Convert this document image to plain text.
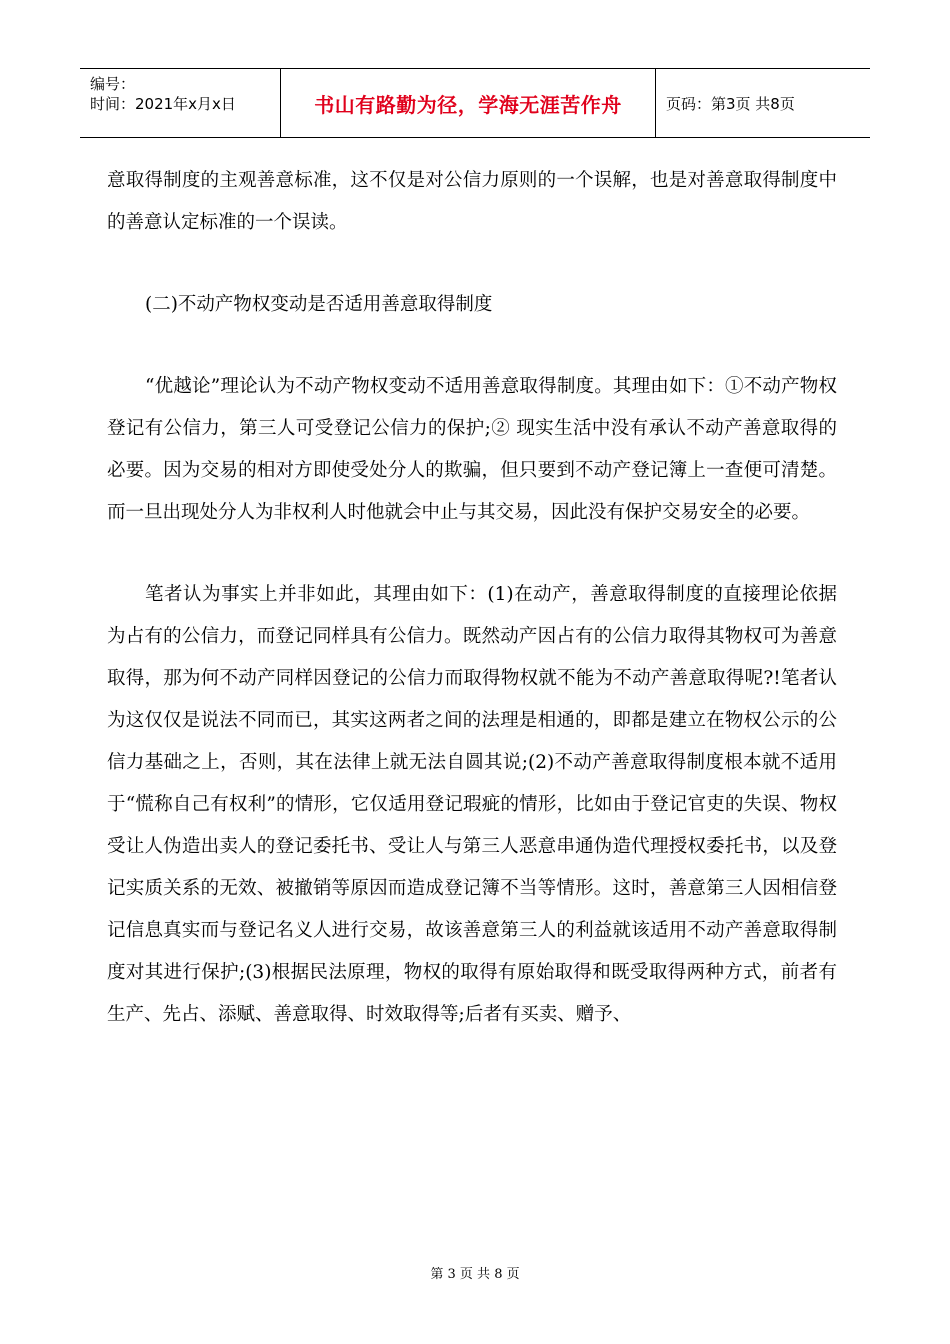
编号：
时间：2021年x月x日	书山有路勤为径，学海无涯苦作舟	页码：第3页 共8页

意取得制度的主观善意标准，这不仅是对公信力原则的一个误解，也是对善意取得制度中的善意认定标准的一个误读。

(二)不动产物权变动是否适用善意取得制度

“优越论”理论认为不动产物权变动不适用善意取得制度。其理由如下：①不动产物权登记有公信力，第三人可受登记公信力的保护;② 现实生活中没有承认不动产善意取得的必要。因为交易的相对方即使受处分人的欺骗，但只要到不动产登记簿上一查便可清楚。而一旦出现处分人为非权利人时他就会中止与其交易，因此没有保护交易安全的必要。

笔者认为事实上并非如此，其理由如下：(1)在动产，善意取得制度的直接理论依据为占有的公信力，而登记同样具有公信力。既然动产因占有的公信力取得其物权可为善意取得，那为何不动产同样因登记的公信力而取得物权就不能为不动产善意取得呢?!笔者认为这仅仅是说法不同而已，其实这两者之间的法理是相通的，即都是建立在物权公示的公信力基础之上，否则，其在法律上就无法自圆其说;(2)不动产善意取得制度根本就不适用于“慌称自己有权利”的情形，它仅适用登记瑕疵的情形，比如由于登记官吏的失误、物权受让人伪造出卖人的登记委托书、受让人与第三人恶意串通伪造代理授权委托书，以及登记实质关系的无效、被撤销等原因而造成登记簿不当等情形。这时，善意第三人因相信登记信息真实而与登记名义人进行交易，故该善意第三人的利益就该适用不动产善意取得制度对其进行保护;(3)根据民法原理，物权的取得有原始取得和既受取得两种方式，前者有生产、先占、添赋、善意取得、时效取得等;后者有买卖、赠予、

第 3 页 共 8 页
